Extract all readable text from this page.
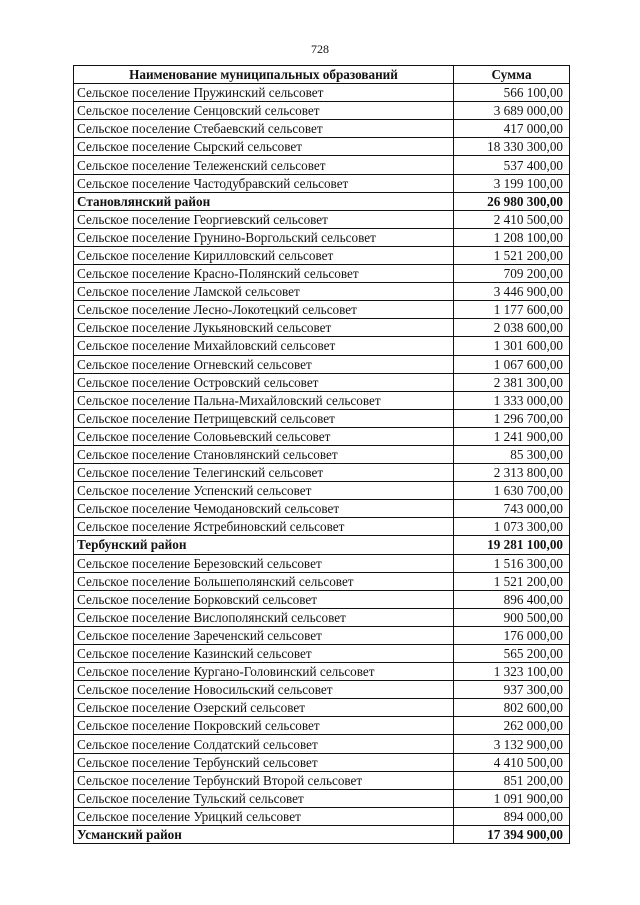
728
Наименование муниципальных образований	Сумма
Сельское поселение Пружинский сельсовет	566 100,00
Сельское поселение Сенцовский сельсовет	3 689 000,00
Сельское поселение Стебаевский сельсовет	417 000,00
Сельское поселение Сырский сельсовет	18 330 300,00
Сельское поселение Тележенский сельсовет	537 400,00
Сельское поселение Частодубравский сельсовет	3 199 100,00
Становлянский район	26 980 300,00
Сельское поселение Георгиевский сельсовет	2 410 500,00
Сельское поселение Грунино-Воргольский сельсовет	1 208 100,00
Сельское поселение Кирилловский сельсовет	1 521 200,00
Сельское поселение Красно-Полянский сельсовет	709 200,00
Сельское поселение Ламской сельсовет	3 446 900,00
Сельское поселение Лесно-Локотецкий сельсовет	1 177 600,00
Сельское поселение Лукьяновский сельсовет	2 038 600,00
Сельское поселение Михайловский сельсовет	1 301 600,00
Сельское поселение Огневский сельсовет	1 067 600,00
Сельское поселение Островский сельсовет	2 381 300,00
Сельское поселение Пальна-Михайловский сельсовет	1 333 000,00
Сельское поселение Петрищевский сельсовет	1 296 700,00
Сельское поселение Соловьевский сельсовет	1 241 900,00
Сельское поселение Становлянский сельсовет	85 300,00
Сельское поселение Телегинский сельсовет	2 313 800,00
Сельское поселение Успенский сельсовет	1 630 700,00
Сельское поселение Чемодановский сельсовет	743 000,00
Сельское поселение Ястребиновский сельсовет	1 073 300,00
Тербунский район	19 281 100,00
Сельское поселение Березовский сельсовет	1 516 300,00
Сельское поселение Большеполянский сельсовет	1 521 200,00
Сельское поселение Борковский сельсовет	896 400,00
Сельское поселение Вислополянский сельсовет	900 500,00
Сельское поселение Зареченский сельсовет	176 000,00
Сельское поселение Казинский сельсовет	565 200,00
Сельское поселение Кургано-Головинский сельсовет	1 323 100,00
Сельское поселение Новосильский сельсовет	937 300,00
Сельское поселение Озерский сельсовет	802 600,00
Сельское поселение Покровский сельсовет	262 000,00
Сельское поселение Солдатский сельсовет	3 132 900,00
Сельское поселение Тербунский сельсовет	4 410 500,00
Сельское поселение Тербунский Второй сельсовет	851 200,00
Сельское поселение Тульский сельсовет	1 091 900,00
Сельское поселение Урицкий сельсовет	894 000,00
Усманский район	17 394 900,00
